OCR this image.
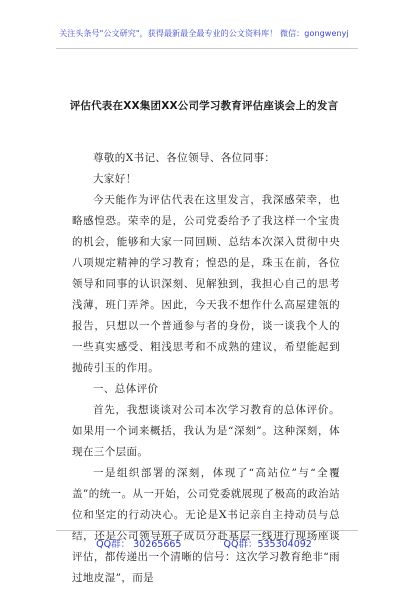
关注头条号"公文研究"，获得最新最全最专业的公文资料库！ 微信：gongwenyj
评估代表在XX集团XX公司学习教育评估座谈会上的发言

尊敬的X书记、各位领导、各位同事：

大家好！

今天能作为评估代表在这里发言，我深感荣幸，也略感惶恐。荣幸的是，公司党委给予了我这样一个宝贵的机会，能够和大家一同回顾、总结本次深入贯彻中央八项规定精神的学习教育；惶恐的是，珠玉在前，各位领导和同事的认识深刻、见解独到，我担心自己的思考浅薄，班门弄斧。因此，今天我不想作什么高屋建瓴的报告，只想以一个普通参与者的身份，谈一谈我个人的一些真实感受、粗浅思考和不成熟的建议，希望能起到抛砖引玉的作用。

一、总体评价

首先，我想谈谈对公司本次学习教育的总体评价。如果用一个词来概括，我认为是“深刻”。这种深刻，体现在三个层面。

一是组织部署的深刻，体现了“高站位”与“全覆盖”的统一。从一开始，公司党委就展现了极高的政治站位和坚定的行动决心。无论是X书记亲自主持动员与总结，还是公司领导班子成员分赴基层一线进行现场座谈评估，都传递出一个清晰的信号：这次学习教育绝非“雨过地皮湿”，而是

QQ群： 30265665	QQ群：535304092
